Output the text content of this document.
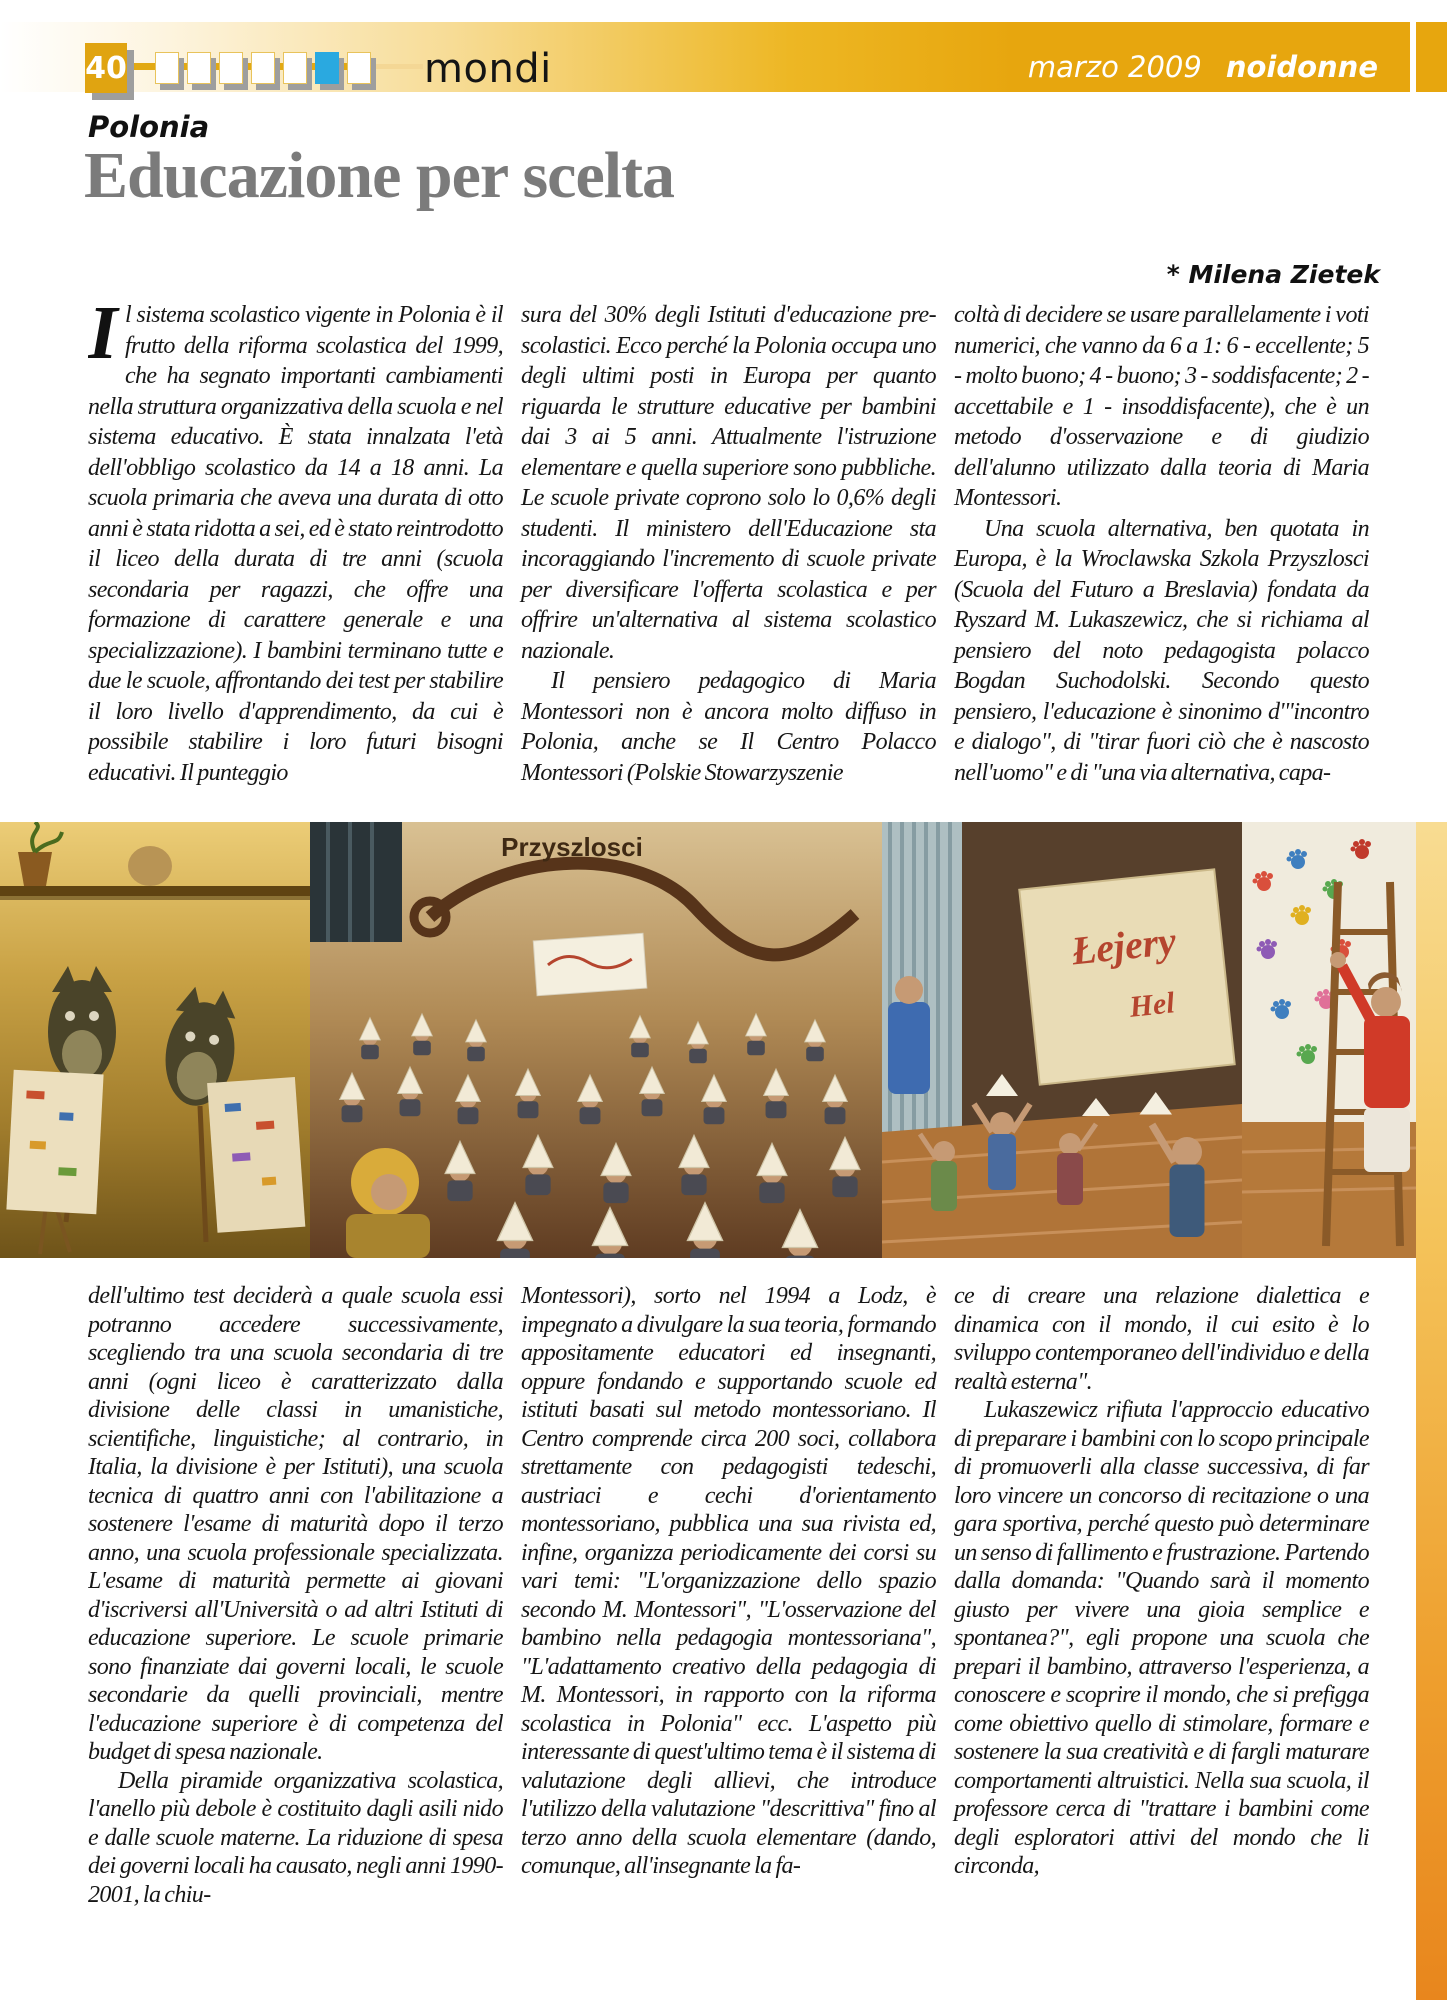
40	mondi	marzo 2009 noidonne
Polonia
Educazione per scelta
* Milena Zietek

Il sistema scolastico vigente in Polonia è il frutto della riforma scolastica del 1999, che ha segnato importanti cambiamenti nella struttura organizzativa della scuola e nel sistema educativo. È stata innalzata l'età dell'obbligo scolastico da 14 a 18 anni. La scuola primaria che aveva una durata di otto anni è stata ridotta a sei, ed è stato reintrodotto il liceo della durata di tre anni (scuola secondaria per ragazzi, che offre una formazione di carattere generale e una specializzazione). I bambini terminano tutte e due le scuole, affrontando dei test per stabilire il loro livello d'apprendimento, da cui è possibile stabilire i loro futuri bisogni educativi. Il punteggio

sura del 30% degli Istituti d'educazione pre-scolastici. Ecco perché la Polonia occupa uno degli ultimi posti in Europa per quanto riguarda le strutture educative per bambini dai 3 ai 5 anni. Attualmente l'istruzione elementare e quella superiore sono pubbliche. Le scuole private coprono solo lo 0,6% degli studenti. Il ministero dell'Educazione sta incoraggiando l'incremento di scuole private per diversificare l'offerta scolastica e per offrire un'alternativa al sistema scolastico nazionale.

Il pensiero pedagogico di Maria Montessori non è ancora molto diffuso in Polonia, anche se Il Centro Polacco Montessori (Polskie Stowarzyszenie

coltà di decidere se usare parallelamente i voti numerici, che vanno da 6 a 1: 6 - eccellente; 5 - molto buono; 4 - buono; 3 - soddisfacente; 2 - accettabile e 1 - insoddisfacente), che è un metodo d'osservazione e di giudizio dell'alunno utilizzato dalla teoria di Maria Montessori.

Una scuola alternativa, ben quotata in Europa, è la Wroclawska Szkola Przyszlosci (Scuola del Futuro a Breslavia) fondata da Ryszard M. Lukaszewicz, che si richiama al pensiero del noto pedagogista polacco Bogdan Suchodolski. Secondo questo pensiero, l'educazione è sinonimo d'"incontro e dialogo", di "tirar fuori ciò che è nascosto nell'uomo" e di "una via alternativa, capa-

Przyszlosci
Łejery
Hel

dell'ultimo test deciderà a quale scuola essi potranno accedere successivamente, scegliendo tra una scuola secondaria di tre anni (ogni liceo è caratterizzato dalla divisione delle classi in umanistiche, scientifiche, linguistiche; al contrario, in Italia, la divisione è per Istituti), una scuola tecnica di quattro anni con l'abilitazione a sostenere l'esame di maturità dopo il terzo anno, una scuola professionale specializzata. L'esame di maturità permette ai giovani d'iscriversi all'Università o ad altri Istituti di educazione superiore. Le scuole primarie sono finanziate dai governi locali, le scuole secondarie da quelli provinciali, mentre l'educazione superiore è di competenza del budget di spesa nazionale.

Della piramide organizzativa scolastica, l'anello più debole è costituito dagli asili nido e dalle scuole materne. La riduzione di spesa dei governi locali ha causato, negli anni 1990-2001, la chiu-

Montessori), sorto nel 1994 a Lodz, è impegnato a divulgare la sua teoria, formando appositamente educatori ed insegnanti, oppure fondando e supportando scuole ed istituti basati sul metodo montessoriano. Il Centro comprende circa 200 soci, collabora strettamente con pedagogisti tedeschi, austriaci e cechi d'orientamento montessoriano, pubblica una sua rivista ed, infine, organizza periodicamente dei corsi su vari temi: "L'organizzazione dello spazio secondo M. Montessori", "L'osservazione del bambino nella pedagogia montessoriana", "L'adattamento creativo della pedagogia di M. Montessori, in rapporto con la riforma scolastica in Polonia" ecc. L'aspetto più interessante di quest'ultimo tema è il sistema di valutazione degli allievi, che introduce l'utilizzo della valutazione "descrittiva" fino al terzo anno della scuola elementare (dando, comunque, all'insegnante la fa-

ce di creare una relazione dialettica e dinamica con il mondo, il cui esito è lo sviluppo contemporaneo dell'individuo e della realtà esterna".

Lukaszewicz rifiuta l'approccio educativo di preparare i bambini con lo scopo principale di promuoverli alla classe successiva, di far loro vincere un concorso di recitazione o una gara sportiva, perché questo può determinare un senso di fallimento e frustrazione. Partendo dalla domanda: "Quando sarà il momento giusto per vivere una gioia semplice e spontanea?", egli propone una scuola che prepari il bambino, attraverso l'esperienza, a conoscere e scoprire il mondo, che si prefigga come obiettivo quello di stimolare, formare e sostenere la sua creatività e di fargli maturare comportamenti altruistici. Nella sua scuola, il professore cerca di "trattare i bambini come degli esploratori attivi del mondo che li circonda,
